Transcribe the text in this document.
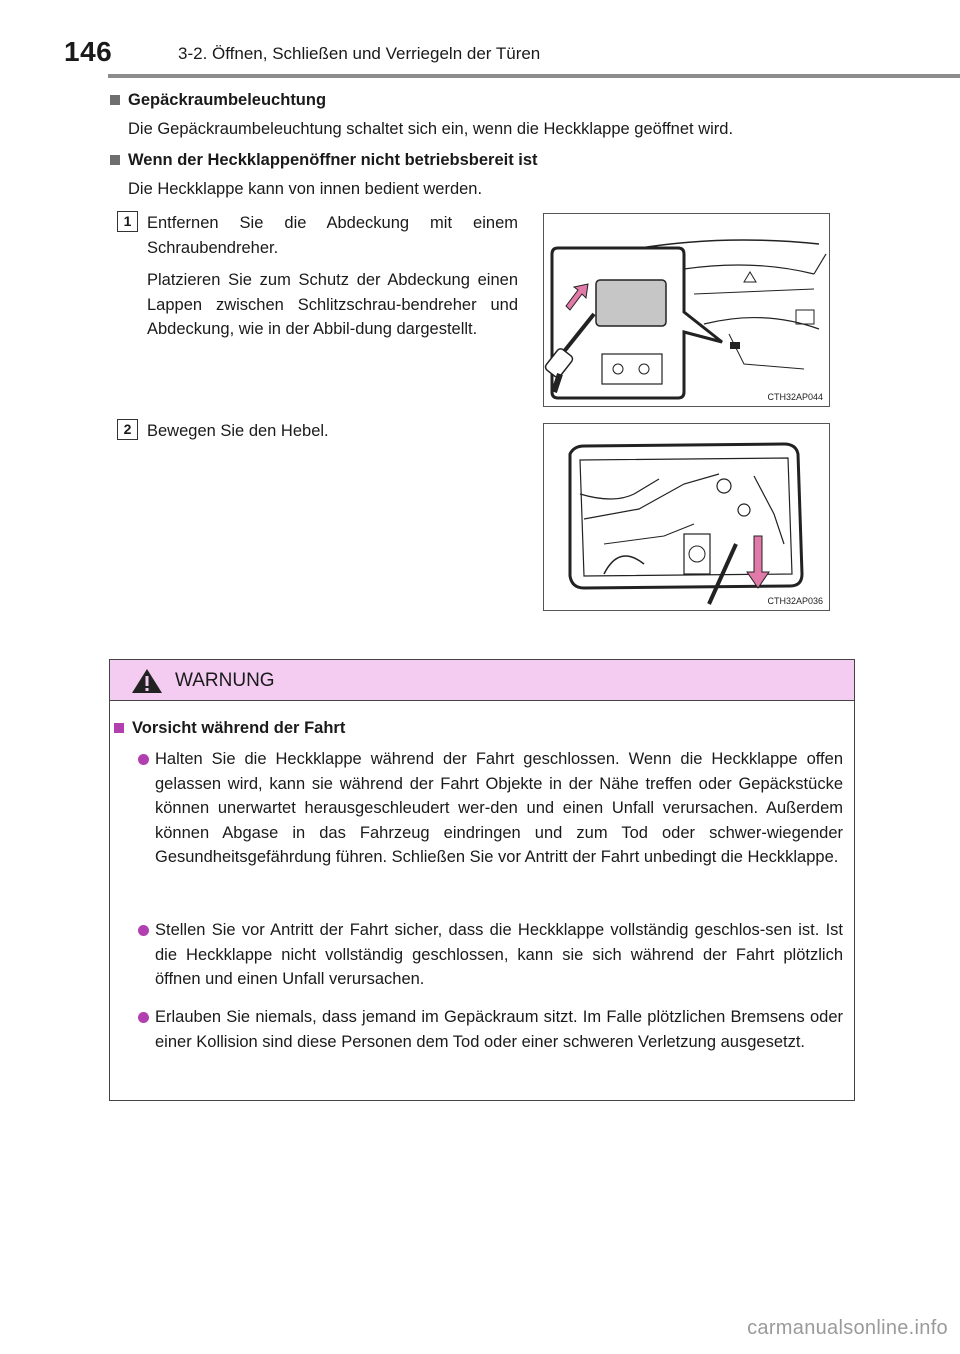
146	3-2. Öffnen, Schließen und Verriegeln der Türen
Gepäckraumbeleuchtung
Die Gepäckraumbeleuchtung schaltet sich ein, wenn die Heckklappe geöffnet wird.
Wenn der Heckklappenöffner nicht betriebsbereit ist
Die Heckklappe kann von innen bedient werden.
1 Entfernen Sie die Abdeckung mit einem Schraubendreher.
Platzieren Sie zum Schutz der Abdeckung einen Lappen zwischen Schlitzschrau-bendreher und Abdeckung, wie in der Abbil-dung dargestellt.
CTH32AP044
2 Bewegen Sie den Hebel.
CTH32AP036
WARNUNG
Vorsicht während der Fahrt
Halten Sie die Heckklappe während der Fahrt geschlossen. Wenn die Heckklappe offen gelassen wird, kann sie während der Fahrt Objekte in der Nähe treffen oder Gepäckstücke können unerwartet herausgeschleudert wer-den und einen Unfall verursachen. Außerdem können Abgase in das Fahrzeug eindringen und zum Tod oder schwer-wiegender Gesundheitsgefährdung führen. Schließen Sie vor Antritt der Fahrt unbedingt die Heckklappe.
Stellen Sie vor Antritt der Fahrt sicher, dass die Heckklappe vollständig geschlos-sen ist. Ist die Heckklappe nicht vollständig geschlossen, kann sie sich während der Fahrt plötzlich öffnen und einen Unfall verursachen.
Erlauben Sie niemals, dass jemand im Gepäckraum sitzt. Im Falle plötzlichen Bremsens oder einer Kollision sind diese Personen dem Tod oder einer schweren Verletzung ausgesetzt.
carmanualsonline.info
